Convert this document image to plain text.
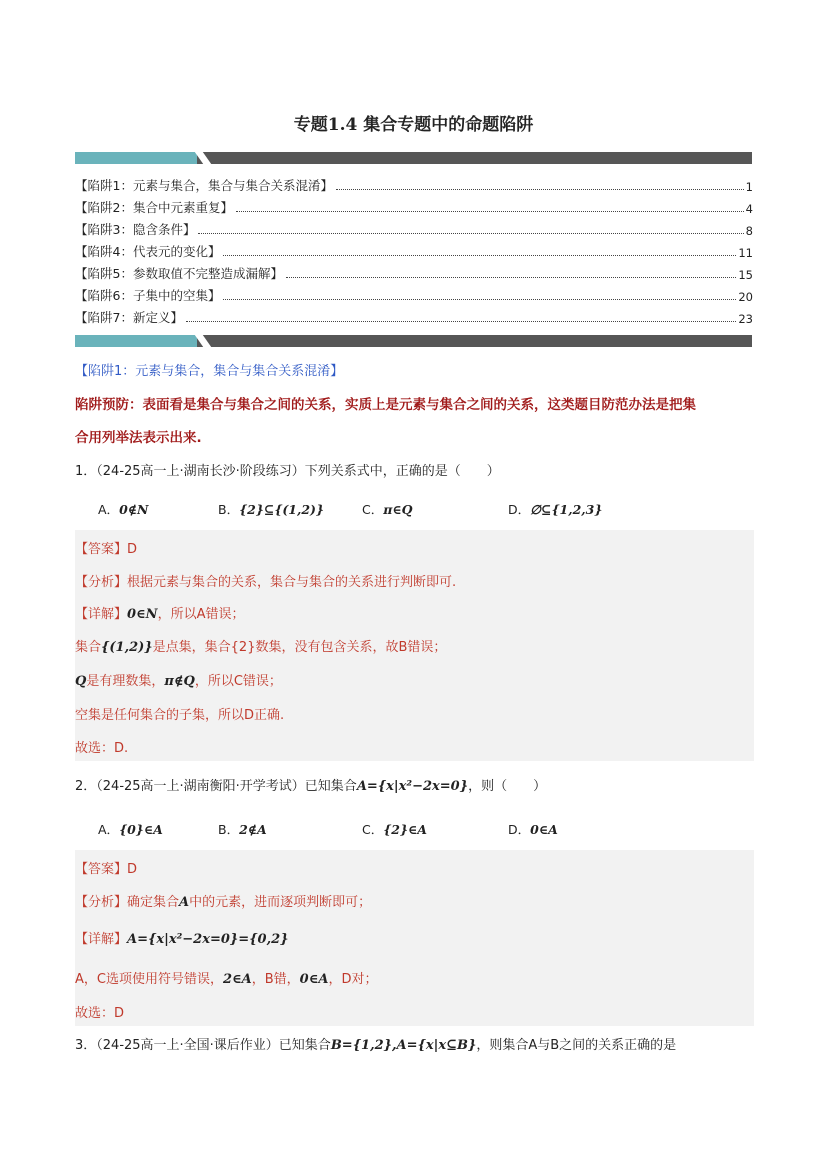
专题1.4 集合专题中的命题陷阱
【陷阱1：元素与集合，集合与集合关系混淆】	1
【陷阱2：集合中元素重复】	4
【陷阱3：隐含条件】	8
【陷阱4：代表元的变化】	11
【陷阱5：参数取值不完整造成漏解】	15
【陷阱6：子集中的空集】	20
【陷阱7：新定义】	23
【陷阱1：元素与集合，集合与集合关系混淆】
陷阱预防：表面看是集合与集合之间的关系，实质上是元素与集合之间的关系，这类题目防范办法是把集
合用列举法表示出来.
1．（24-25高一上·湖南长沙·阶段练习）下列关系式中，正确的是（　　）
A．0∉N	B．{2}⊆{(1,2)}	C．π∈Q	D．∅⊆{1,2,3}
【答案】D
【分析】根据元素与集合的关系，集合与集合的关系进行判断即可.
【详解】0∈N，所以A错误；
集合{(1,2)}是点集，集合{2}数集，没有包含关系，故B错误；
Q是有理数集，π∉Q，所以C错误；
空集是任何集合的子集，所以D正确.
故选：D.
2．（24-25高一上·湖南衡阳·开学考试）已知集合A={x|x²−2x=0}，则（　　）
A．{0}∈A	B．2∉A	C．{2}∈A	D．0∈A
【答案】D
【分析】确定集合A中的元素，进而逐项判断即可；
【详解】A={x|x²−2x=0}={0,2}
A，C选项使用符号错误，2∈A，B错，0∈A，D对；
故选：D
3．（24-25高一上·全国·课后作业）已知集合B={1,2},A={x|x⊆B}，则集合A与B之间的关系正确的是
